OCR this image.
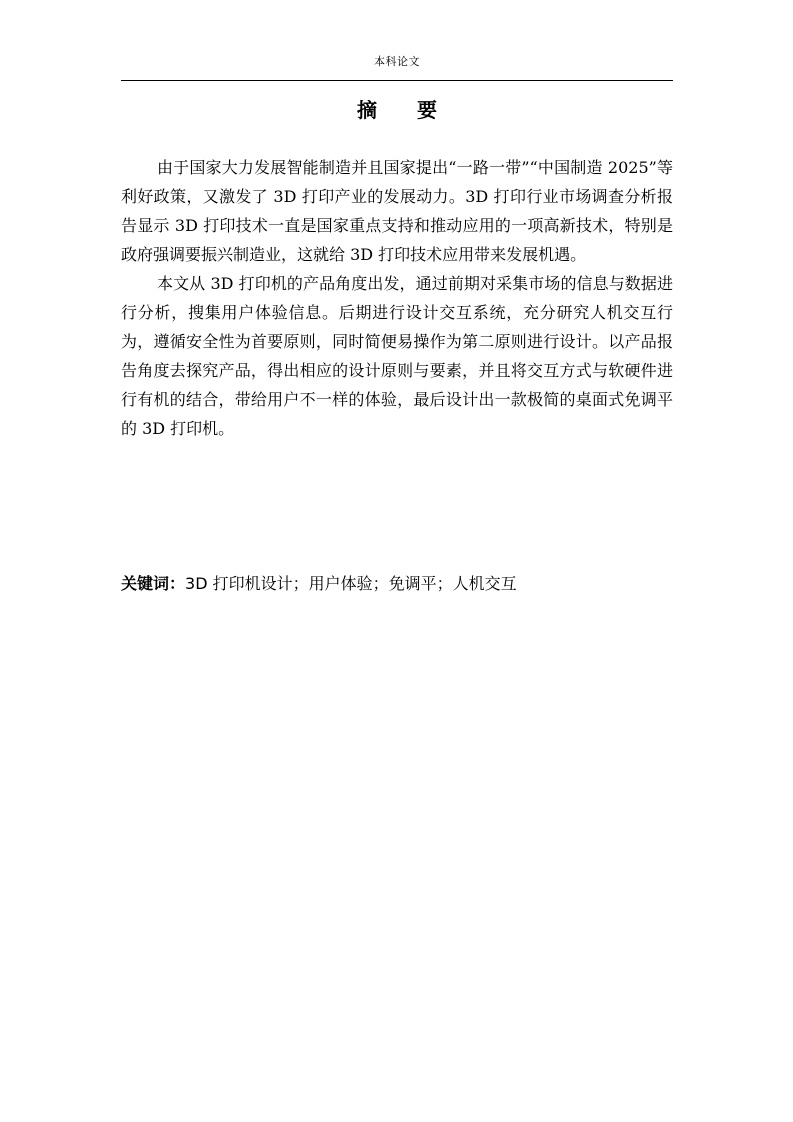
本科论文
摘 要

由于国家大力发展智能制造并且国家提出“一路一带”“中国制造 2025”等利好政策，又激发了 3D 打印产业的发展动力。3D 打印行业市场调查分析报告显示 3D 打印技术一直是国家重点支持和推动应用的一项高新技术，特别是政府强调要振兴制造业，这就给 3D 打印技术应用带来发展机遇。

本文从 3D 打印机的产品角度出发，通过前期对采集市场的信息与数据进行分析，搜集用户体验信息。后期进行设计交互系统，充分研究人机交互行为，遵循安全性为首要原则，同时简便易操作为第二原则进行设计。以产品报告角度去探究产品，得出相应的设计原则与要素，并且将交互方式与软硬件进行有机的结合，带给用户不一样的体验，最后设计出一款极简的桌面式免调平的 3D 打印机。

关键词：3D 打印机设计；用户体验；免调平；人机交互
